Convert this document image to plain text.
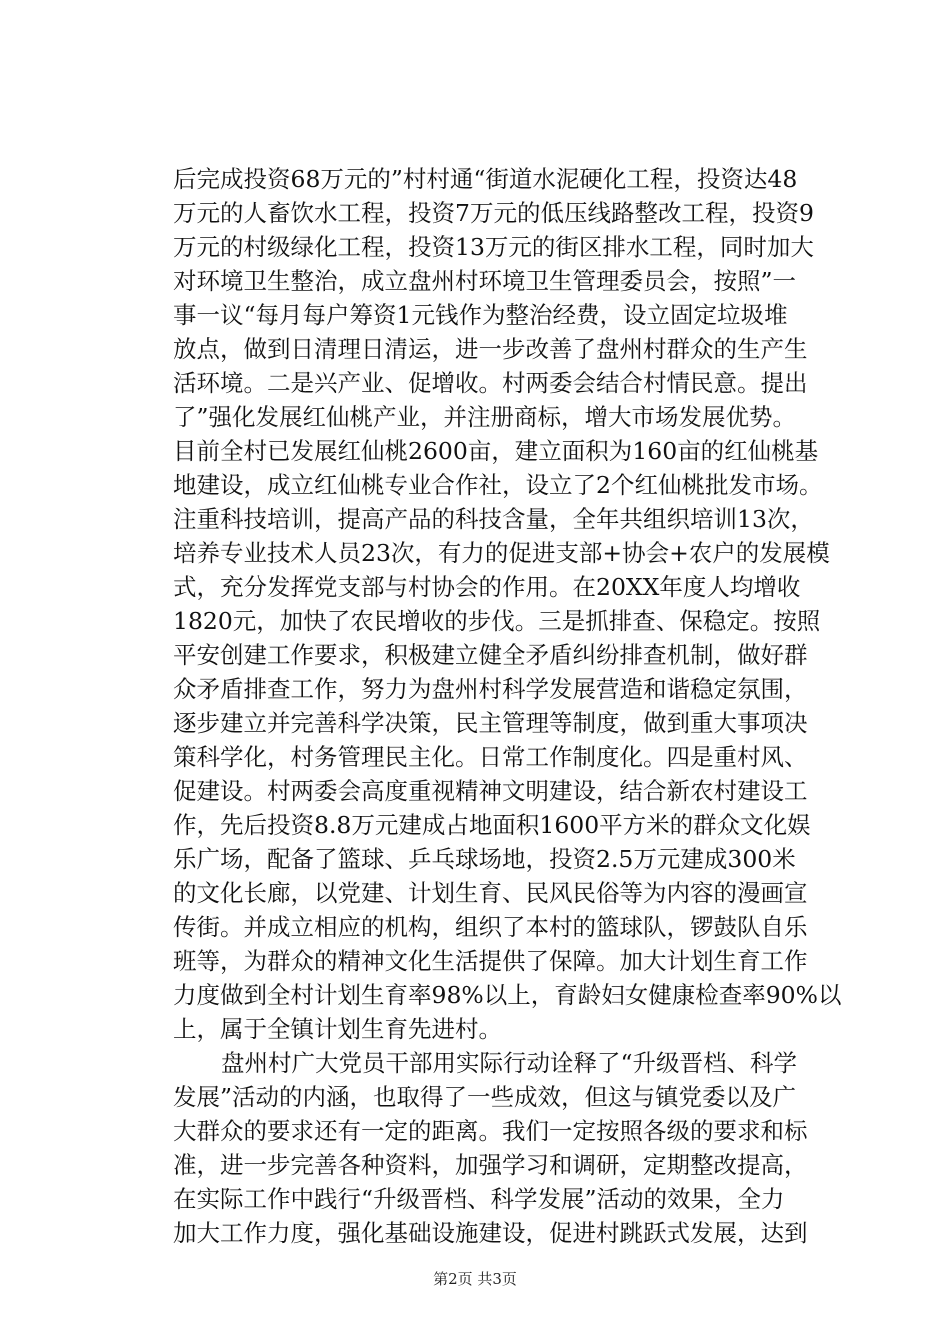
后完成投资68万元的”村村通“街道水泥硬化工程，投资达48
万元的人畜饮水工程，投资7万元的低压线路整改工程，投资9
万元的村级绿化工程，投资13万元的街区排水工程，同时加大
对环境卫生整治，成立盘州村环境卫生管理委员会，按照”一
事一议“每月每户筹资1元钱作为整治经费，设立固定垃圾堆
放点，做到日清理日清运，进一步改善了盘州村群众的生产生
活环境。二是兴产业、促增收。村两委会结合村情民意。提出
了”强化发展红仙桃产业，并注册商标，增大市场发展优势。
目前全村已发展红仙桃2600亩，建立面积为160亩的红仙桃基
地建设，成立红仙桃专业合作社，设立了2个红仙桃批发市场。
注重科技培训，提高产品的科技含量，全年共组织培训13次，
培养专业技术人员23次，有力的促进支部+协会+农户的发展模
式，充分发挥党支部与村协会的作用。在20XX年度人均增收
1820元，加快了农民增收的步伐。三是抓排查、保稳定。按照
平安创建工作要求，积极建立健全矛盾纠纷排查机制，做好群
众矛盾排查工作，努力为盘州村科学发展营造和谐稳定氛围，
逐步建立并完善科学决策，民主管理等制度，做到重大事项决
策科学化，村务管理民主化。日常工作制度化。四是重村风、
促建设。村两委会高度重视精神文明建设，结合新农村建设工
作，先后投资8.8万元建成占地面积1600平方米的群众文化娱
乐广场，配备了篮球、乒乓球场地，投资2.5万元建成300米
的文化长廊，以党建、计划生育、民风民俗等为内容的漫画宣
传街。并成立相应的机构，组织了本村的篮球队，锣鼓队自乐
班等，为群众的精神文化生活提供了保障。加大计划生育工作
力度做到全村计划生育率98%以上，育龄妇女健康检查率90%以
上，属于全镇计划生育先进村。
盘州村广大党员干部用实际行动诠释了“升级晋档、科学
发展”活动的内涵，也取得了一些成效，但这与镇党委以及广
大群众的要求还有一定的距离。我们一定按照各级的要求和标
准，进一步完善各种资料，加强学习和调研，定期整改提高，
在实际工作中践行“升级晋档、科学发展”活动的效果，全力
加大工作力度，强化基础设施建设，促进村跳跃式发展，达到
第2页 共3页
